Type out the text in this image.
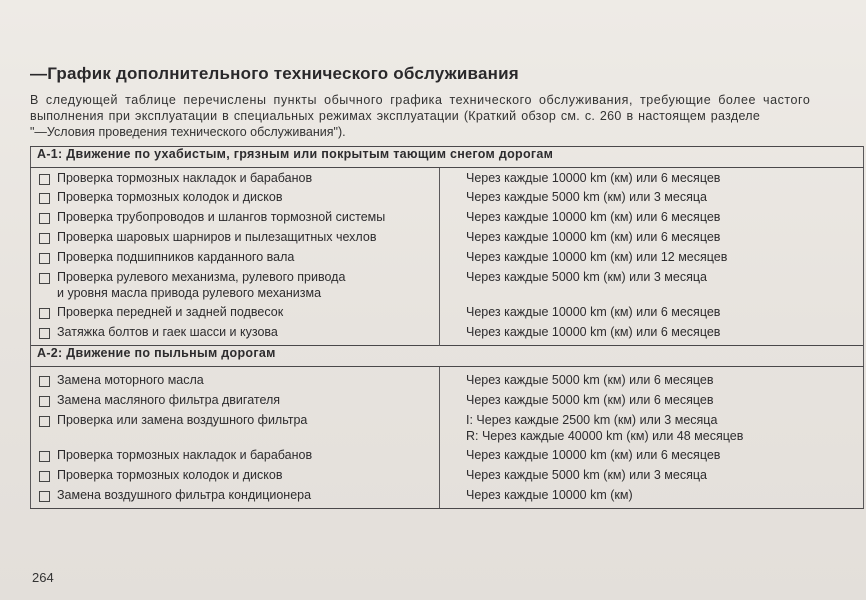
—График дополнительного технического обслуживания
В следующей таблице перечислены пункты обычного графика технического обслуживания, требующие более частого
выполнения при эксплуатации в специальных режимах эксплуатации (Краткий обзор см. с. 260 в настоящем разделе
"—Условия проведения технического обслуживания").
A-1: Движение по ухабистым, грязным или покрытым тающим снегом дорогам	

Проверка тормозных накладок и барабанов	Через каждые 10000 km (км) или 6 месяцев

Проверка тормозных колодок и дисков	Через каждые 5000 km (км) или 3 месяца

Проверка трубопроводов и шлангов тормозной системы	Через каждые 10000 km (км) или 6 месяцев

Проверка шаровых шарниров и пылезащитных чехлов	Через каждые 10000 km (км) или 6 месяцев

Проверка подшипников карданного вала	Через каждые 10000 km (км) или 12 месяцев

Проверка рулевого механизма, рулевого привода
и уровня масла привода рулевого механизма	Через каждые 5000 km (км) или 3 месяца

Проверка передней и задней подвесок	Через каждые 10000 km (км) или 6 месяцев

Затяжка болтов и гаек шасси и кузова	Через каждые 10000 km (км) или 6 месяцев

A-2: Движение по пыльным дорогам	

Замена моторного масла	Через каждые 5000 km (км) или 6 месяцев

Замена масляного фильтра двигателя	Через каждые 5000 km (км) или 6 месяцев

Проверка или замена воздушного фильтра	I: Через каждые 2500 km (км) или 3 месяца
R: Через каждые 40000 km (км) или 48 месяцев

Проверка тормозных накладок и барабанов	Через каждые 10000 km (км) или 6 месяцев

Проверка тормозных колодок и дисков	Через каждые 5000 km (км) или 3 месяца

Замена воздушного фильтра кондиционера	Через каждые 10000 km (км)
264
